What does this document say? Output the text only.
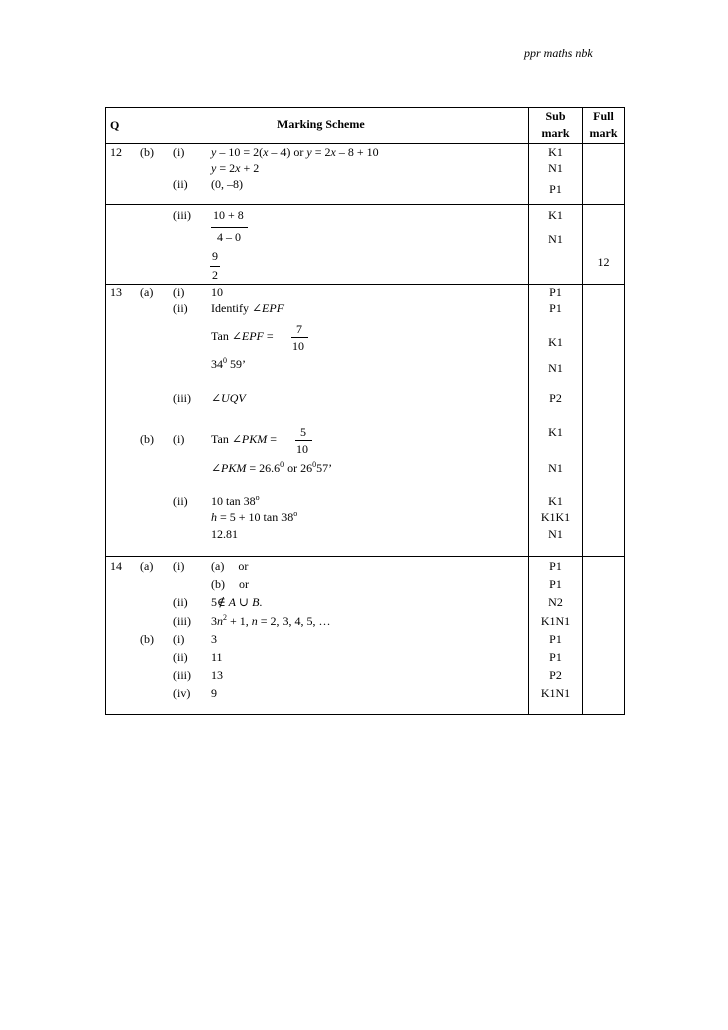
ppr maths nbk
Q	Marking Scheme
Sub
mark
Full
mark
12 (b) (i) y – 10 = 2(x – 4) or y = 2x – 8 + 10
y = 2x + 2
(ii) (0, –8)
K1
N1
P1
(iii) 10 + 8
4 – 0
9
2
K1
N1
12
13 (a) (i) 10
(ii) Identify ∠EPF
Tan ∠EPF = 7
10
$34^0$ 59’
(iii) ∠UQV
P1
P1
K1
N1
P2
(b) (i) Tan ∠PKM = 5
10
∠PKM = $26.6^0$ or $26^057$’
(ii) 10 tan 38$^o$
h = 5 + 10 tan 38$^o$
12.81
K1
N1
K1
K1K1
N1
14 (a) (i) (a) or
(b) or
(ii) 5∉ A ∪ B.
(iii) $3n^2 + 1$, n = 2, 3, 4, 5, …
(b) (i) 3
(ii) 11
(iii) 13
(iv) 9
P1
P1
N2
K1N1
P1
P1
P2
K1N1
